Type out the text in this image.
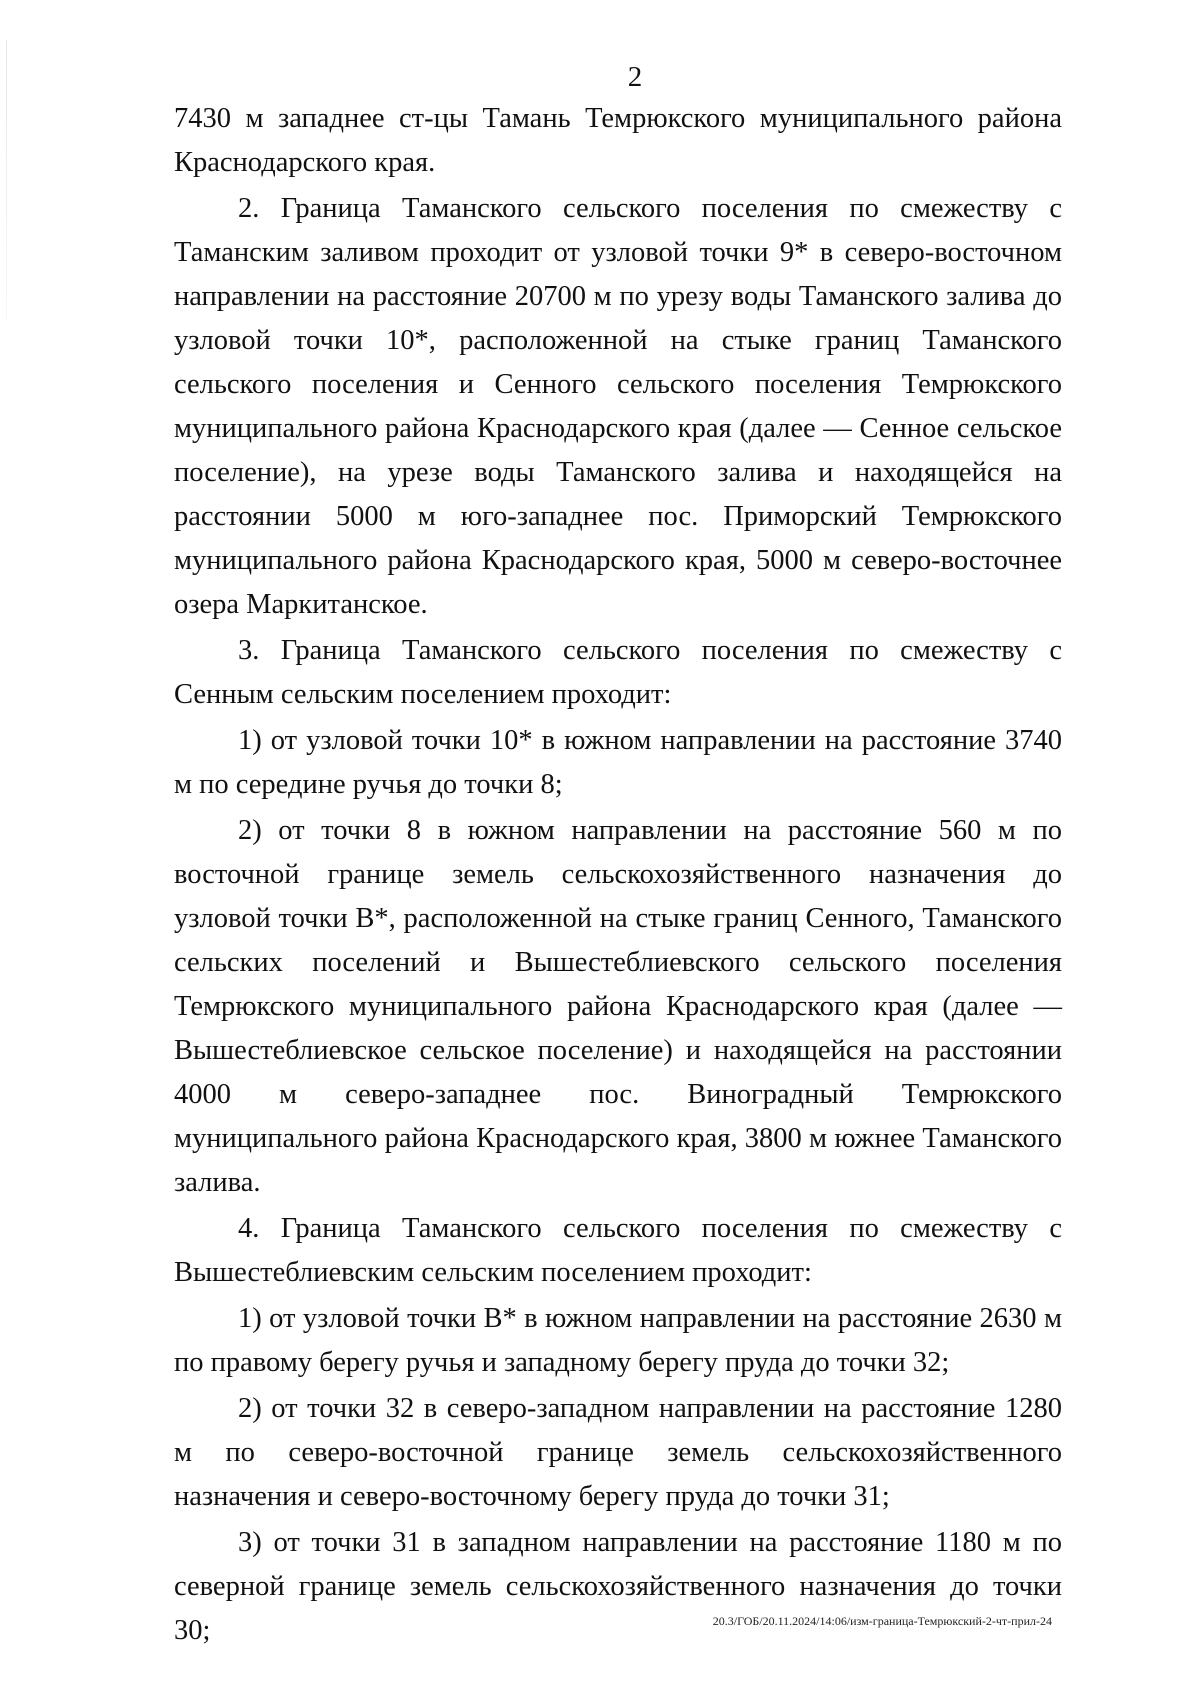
2

7430 м западнее ст-цы Тамань Темрюкского муниципального района Краснодарского края.

2. Граница Таманского сельского поселения по смежеству с Таманским заливом проходит от узловой точки 9* в северо-восточном направлении на расстояние 20700 м по урезу воды Таманского залива до узловой точки 10*, расположенной на стыке границ Таманского сельского поселения и Сенного сельского поселения Темрюкского муниципального района Краснодарского края (далее — Сенное сельское поселение), на урезе воды Таманского залива и находящейся на расстоянии 5000 м юго-западнее пос. Приморский Темрюкского муниципального района Краснодарского края, 5000 м северо-восточнее озера Маркитанское.

3. Граница Таманского сельского поселения по смежеству с Сенным сельским поселением проходит:

1) от узловой точки 10* в южном направлении на расстояние 3740 м по середине ручья до точки 8;

2) от точки 8 в южном направлении на расстояние 560 м по восточной границе земель сельскохозяйственного назначения до узловой точки В*, расположенной на стыке границ Сенного, Таманского сельских поселений и Вышестеблиевского сельского поселения Темрюкского муниципального района Краснодарского края (далее — Вышестеблиевское сельское поселение) и находящейся на расстоянии 4000 м северо-западнее пос. Виноградный Темрюкского муниципального района Краснодарского края, 3800 м южнее Таманского залива.

4. Граница Таманского сельского поселения по смежеству с Вышестеблиевским сельским поселением проходит:

1) от узловой точки В* в южном направлении на расстояние 2630 м по правому берегу ручья и западному берегу пруда до точки 32;

2) от точки 32 в северо-западном направлении на расстояние 1280 м по северо-восточной границе земель сельскохозяйственного назначения и северо-восточному берегу пруда до точки 31;

3) от точки 31 в западном направлении на расстояние 1180 м по северной границе земель сельскохозяйственного назначения до точки 30;	20.3/ГОБ/20.11.2024/14:06/изм-граница-Темрюкский-2-чт-прил-24
